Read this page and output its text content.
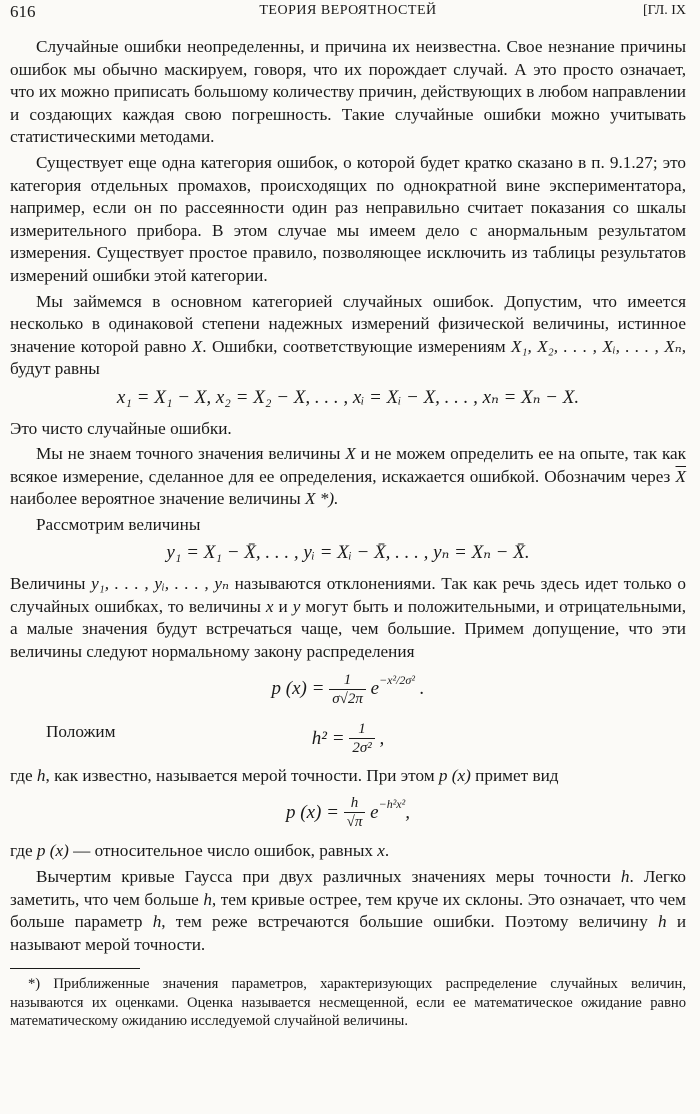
616	ТЕОРИЯ ВЕРОЯТНОСТЕЙ	[ГЛ. IX

Случайные ошибки неопределенны, и причина их неизвестна. Свое незнание причины ошибок мы обычно маскируем, говоря, что их порождает случай. А это просто означает, что их можно приписать большому количеству причин, действующих в любом направлении и создающих каждая свою погрешность. Такие случайные ошибки можно учитывать статистическими методами.

Существует еще одна категория ошибок, о которой будет кратко сказано в п. 9.1.27; это категория отдельных промахов, происходящих по однократной вине экспериментатора, например, если он по рассеянности один раз неправильно считает показания со шкалы измерительного прибора. В этом случае мы имеем дело с анормальным результатом измерения. Существует простое правило, позволяющее исключить из таблицы результатов измерений ошибки этой категории.

Мы займемся в основном категорией случайных ошибок. Допустим, что имеется несколько в одинаковой степени надежных измерений физической величины, истинное значение которой равно X. Ошибки, соответствующие измерениям X₁, X₂, . . . , Xᵢ, . . . , Xₙ, будут равны

x₁ = X₁ − X, x₂ = X₂ − X, . . . , xᵢ = Xᵢ − X, . . . , xₙ = Xₙ − X.

Это чисто случайные ошибки.

Мы не знаем точного значения величины X и не можем определить ее на опыте, так как всякое измерение, сделанное для ее определения, искажается ошибкой. Обозначим через $\overline{X}$ наиболее вероятное значение величины X *).

Рассмотрим величины

y₁ = X₁ − X̄, . . . , yᵢ = Xᵢ − X̄, . . . , yₙ = Xₙ − X̄.

Величины y₁, . . . , yᵢ, . . . , yₙ называются отклонениями. Так как речь здесь идет только о случайных ошибках, то величины x и y могут быть и положительными, и отрицательными, а малые значения будут встречаться чаще, чем большие. Примем допущение, что эти величины следуют нормальному закону распределения

p $(x) = \frac{1}{\sigma√2\pi} e^{-x^2/2\sigma^2}$ .
Положим	$h^2 = \frac{1}{\text{2σ²}}$ ,

где h, как известно, называется мерой точности. При этом p (x) примет вид

p $(x) = \frac{h}{√\pi} e^{-h^2x^2}$,

где p (x) — относительное число ошибок, равных x.

Вычертим кривые Гаусса при двух различных значениях меры точности h. Легко заметить, что чем больше h, тем кривые острее, тем круче их склоны. Это означает, что чем больше параметр h, тем реже встречаются большие ошибки. Поэтому величину h и называют мерой точности.

*) Приближенные значения параметров, характеризующих распределение случайных величин, называются их оценками. Оценка называется несмещенной, если ее математическое ожидание равно математическому ожиданию исследуемой случайной величины.
